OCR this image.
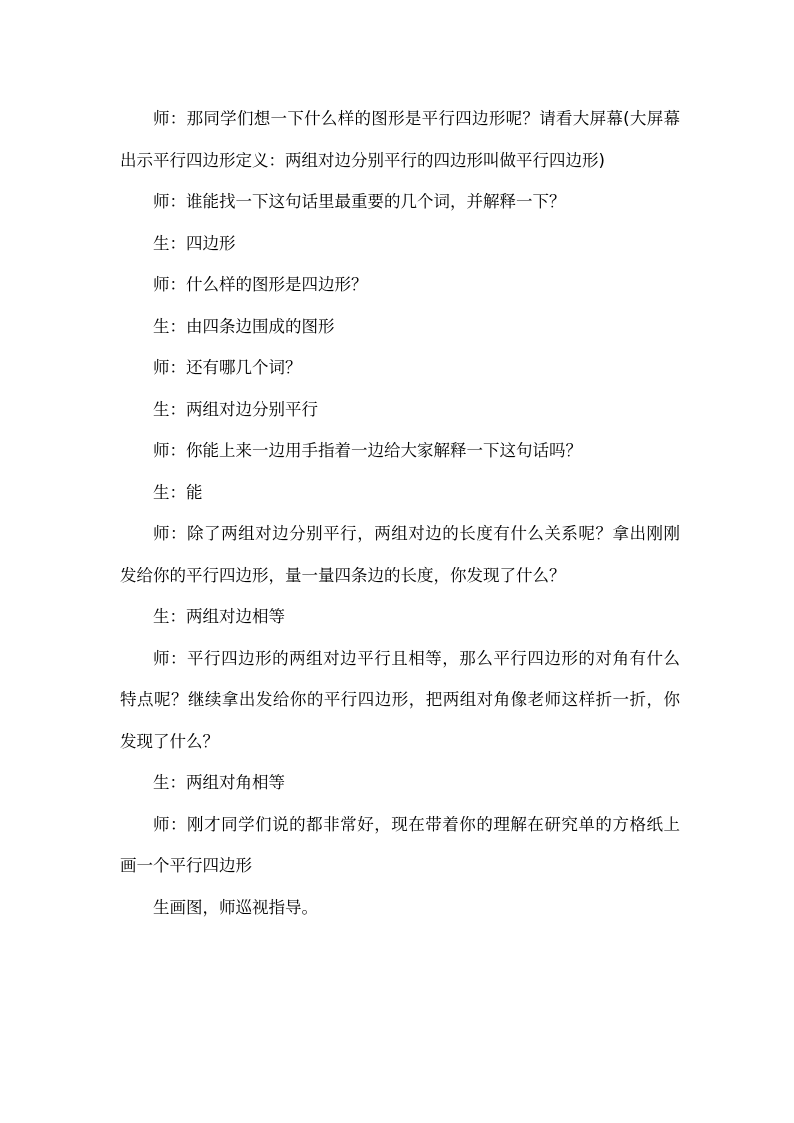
师：那同学们想一下什么样的图形是平行四边形呢？请看大屏幕(大屏幕出示平行四边形定义：两组对边分别平行的四边形叫做平行四边形)

师：谁能找一下这句话里最重要的几个词，并解释一下？

生：四边形

师：什么样的图形是四边形？

生：由四条边围成的图形

师：还有哪几个词？

生：两组对边分别平行

师：你能上来一边用手指着一边给大家解释一下这句话吗？

生：能

师：除了两组对边分别平行，两组对边的长度有什么关系呢？拿出刚刚发给你的平行四边形，量一量四条边的长度，你发现了什么？

生：两组对边相等

师：平行四边形的两组对边平行且相等，那么平行四边形的对角有什么特点呢？继续拿出发给你的平行四边形，把两组对角像老师这样折一折，你发现了什么？

生：两组对角相等

师：刚才同学们说的都非常好，现在带着你的理解在研究单的方格纸上画一个平行四边形

生画图，师巡视指导。
